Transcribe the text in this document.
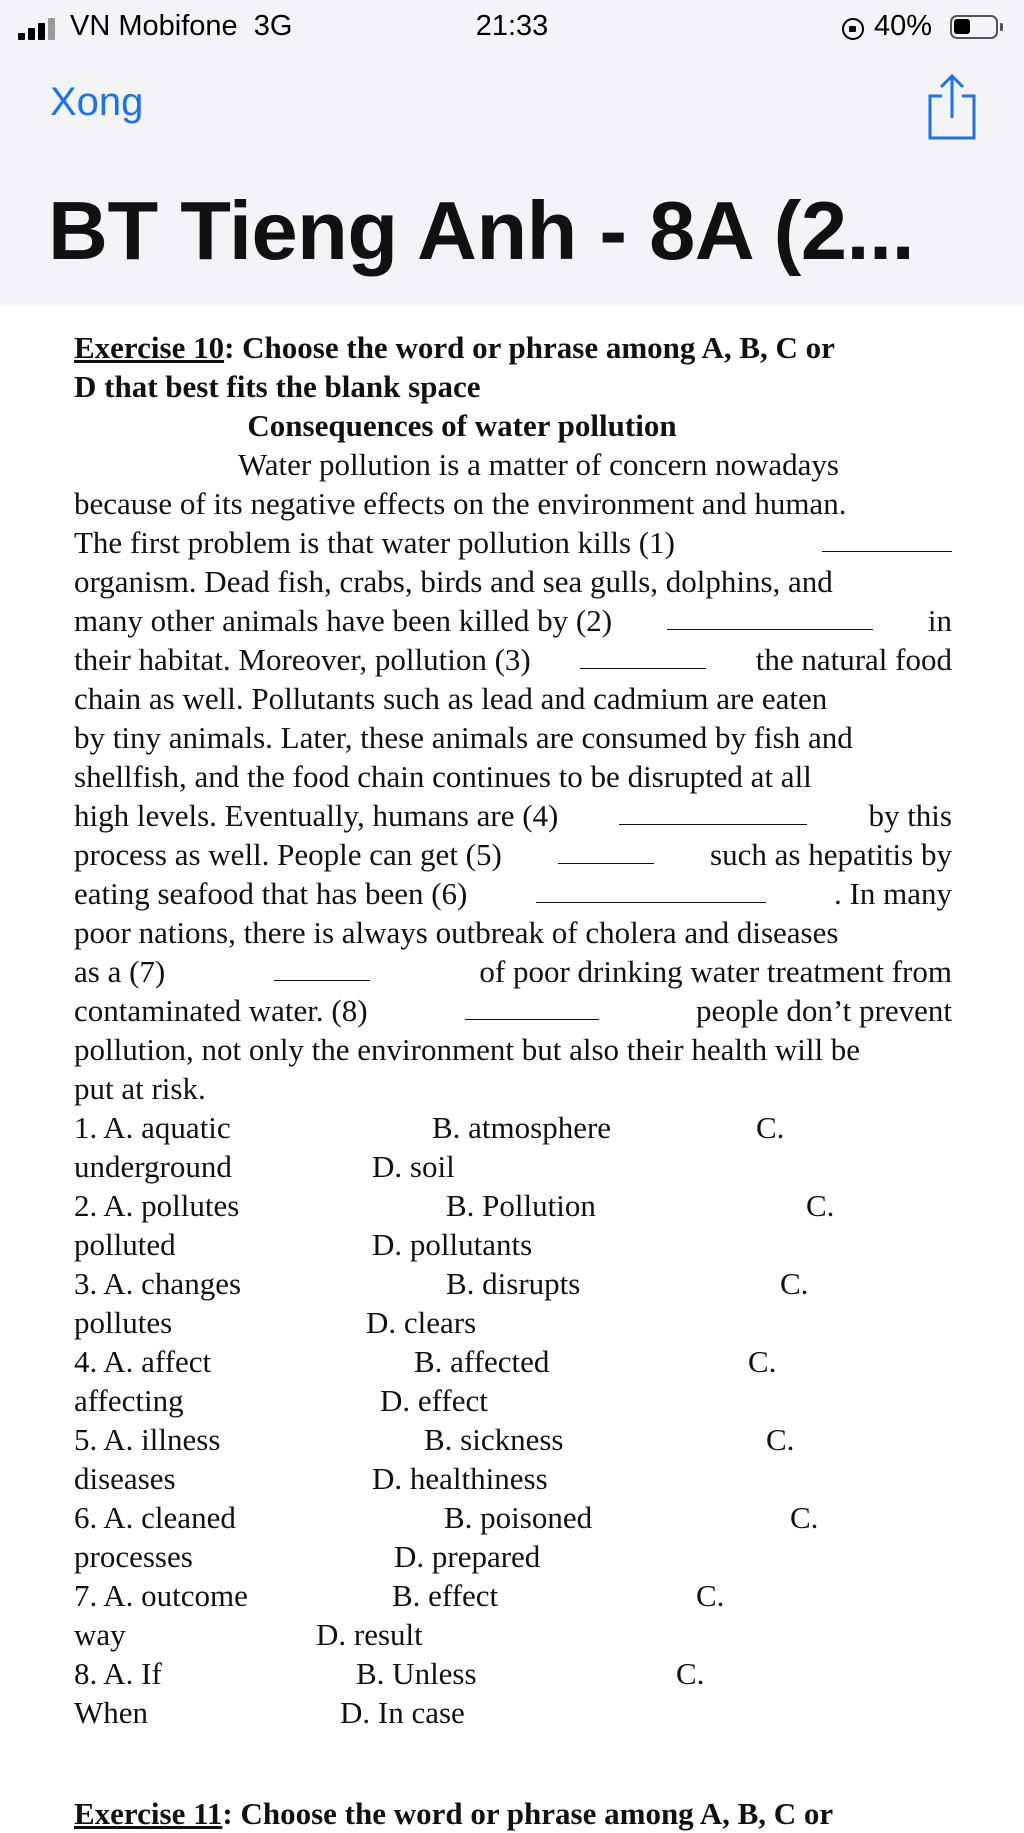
VN Mobifone 3G	21:33	40%
Xong
BT Tieng Anh - 8A (2...
Exercise 10: Choose the word or phrase among A, B, C or
D that best fits the blank space
Consequences of water pollution
Water pollution is a matter of concern nowadays
because of its negative effects on the environment and human.
The first problem is that water pollution kills (1)
organism. Dead fish, crabs, birds and sea gulls, dolphins, and
many other animals have been killed by (2)	in
their habitat. Moreover, pollution (3)	the natural food
chain as well. Pollutants such as lead and cadmium are eaten
by tiny animals. Later, these animals are consumed by fish and
shellfish, and the food chain continues to be disrupted at all
high levels. Eventually, humans are (4)	by this
process as well. People can get (5)	such as hepatitis by
eating seafood that has been (6)	. In many
poor nations, there is always outbreak of cholera and diseases
as a (7)	of poor drinking water treatment from
contaminated water. (8)	people don’t prevent
pollution, not only the environment but also their health will be
put at risk.
1. A. aquatic	B. atmosphere	C.
underground	D. soil
2. A. pollutes	B. Pollution	C.
polluted	D. pollutants
3. A. changes	B. disrupts	C.
pollutes	D. clears
4. A. affect	B. affected	C.
affecting	D. effect
5. A. illness	B. sickness	C.
diseases	D. healthiness
6. A. cleaned	B. poisoned	C.
processes	D. prepared
7. A. outcome	B. effect	C.
way	D. result
8. A. If	B. Unless	C.
When	D. In case
Exercise 11: Choose the word or phrase among A, B, C or
